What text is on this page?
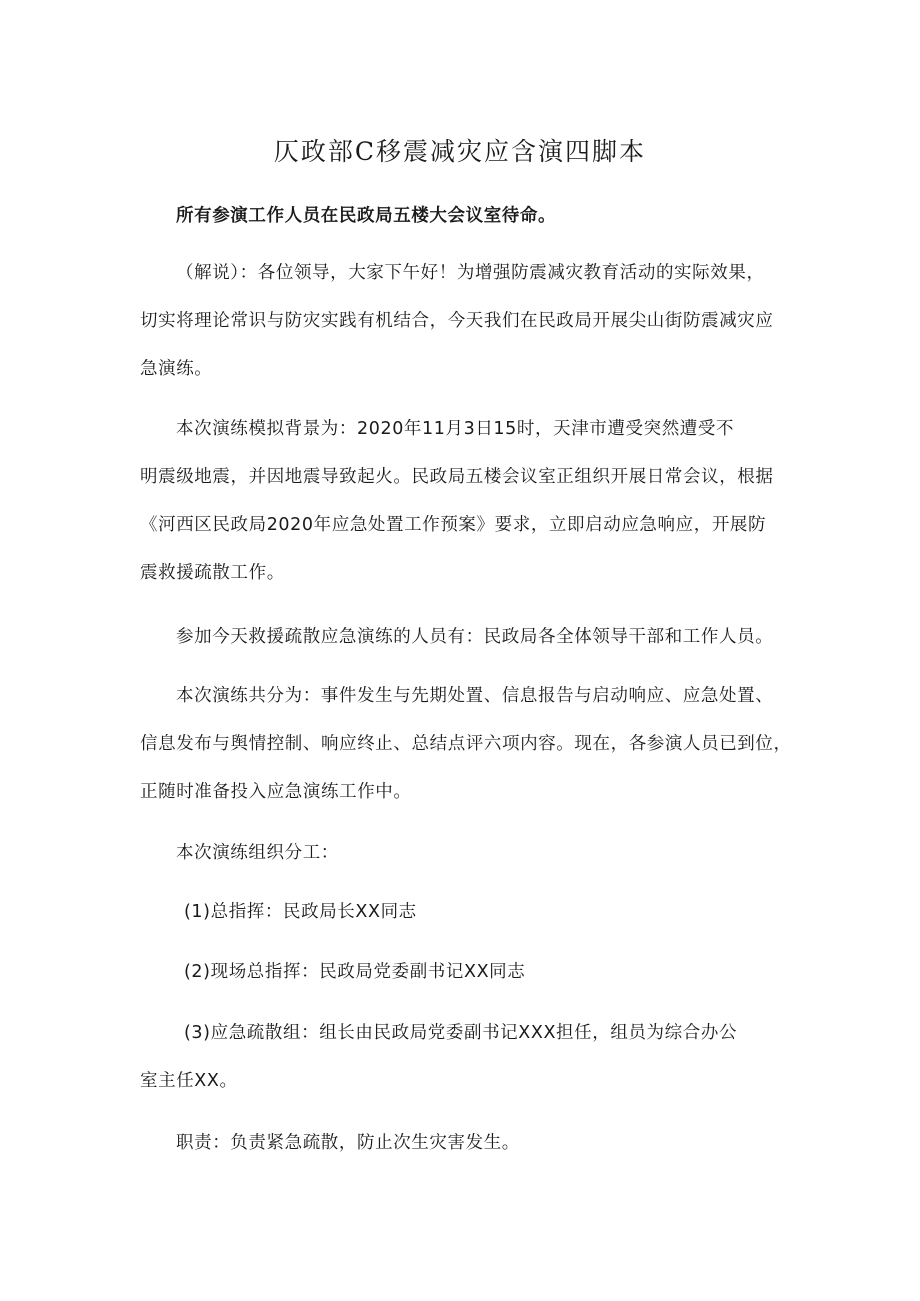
仄政部C移震减灾应含演四脚本

所有参演工作人员在民政局五楼大会议室待命。

（解说）：各位领导，大家下午好！为增强防震减灾教育活动的实际效果，
切实将理论常识与防灾实践有机结合，今天我们在民政局开展尖山街防震减灾应
急演练。

本次演练模拟背景为：2020年11月3日15时，天津市遭受突然遭受不
明震级地震，并因地震导致起火。民政局五楼会议室正组织开展日常会议，根据
《河西区民政局2020年应急处置工作预案》要求，立即启动应急响应，开展防
震救援疏散工作。

参加今天救援疏散应急演练的人员有：民政局各全体领导干部和工作人员。

本次演练共分为：事件发生与先期处置、信息报告与启动响应、应急处置、
信息发布与舆情控制、响应终止、总结点评六项内容。现在，各参演人员已到位，
正随时准备投入应急演练工作中。

本次演练组织分工：

(1)总指挥：民政局长XX同志

(2)现场总指挥：民政局党委副书记XX同志

(3)应急疏散组：组长由民政局党委副书记XXX担任，组员为综合办公
室主任XX。

职责：负责紧急疏散，防止次生灾害发生。
